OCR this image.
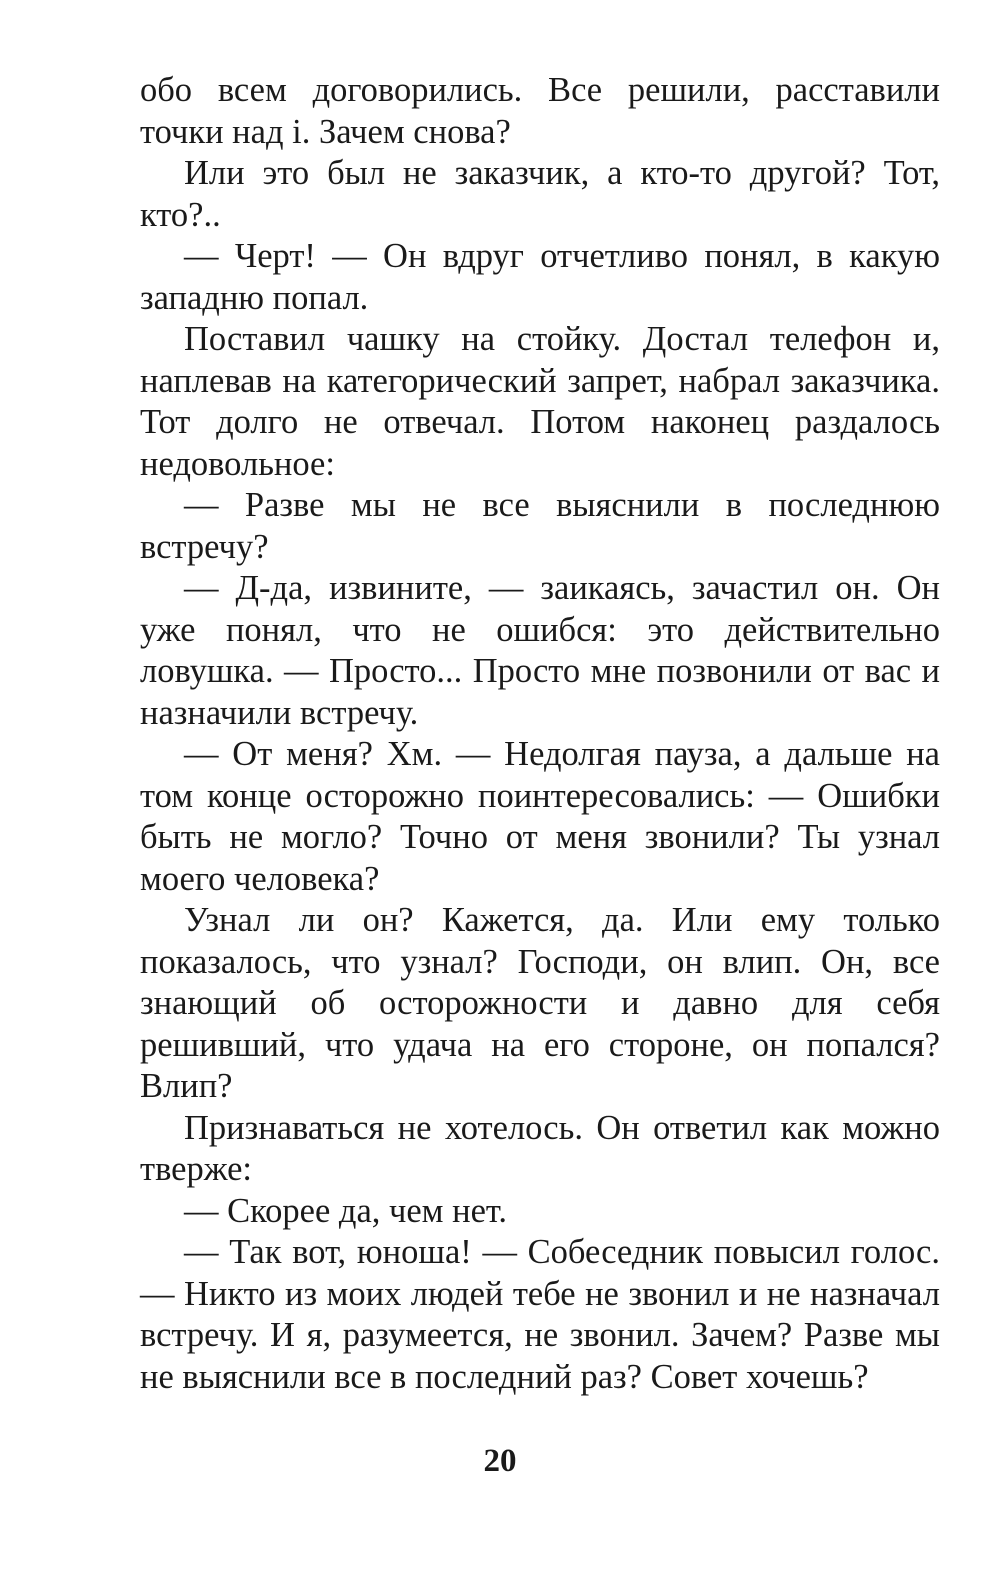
обо всем договорились. Все решили, расставили точки над i. Зачем снова?

Или это был не заказчик, а кто-то другой? Тот, кто?..

— Черт! — Он вдруг отчетливо понял, в какую западню попал.

Поставил чашку на стойку. Достал телефон и, наплевав на категорический запрет, набрал заказчика. Тот долго не отвечал. Потом наконец раздалось недовольное:

— Разве мы не все выяснили в последнюю встречу?

— Д-да, извините, — заикаясь, зачастил он. Он уже понял, что не ошибся: это действительно ловушка. — Просто... Просто мне позвонили от вас и назначили встречу.

— От меня? Хм. — Недолгая пауза, а дальше на том конце осторожно поинтересовались: — Ошибки быть не могло? Точно от меня звонили? Ты узнал моего человека?

Узнал ли он? Кажется, да. Или ему только показалось, что узнал? Господи, он влип. Он, все знающий об осторожности и давно для себя решивший, что удача на его стороне, он попался? Влип?

Признаваться не хотелось. Он ответил как можно тверже:

— Скорее да, чем нет.

— Так вот, юноша! — Собеседник повысил голос. — Никто из моих людей тебе не звонил и не назначал встречу. И я, разумеется, не звонил. Зачем? Разве мы не выяснили все в последний раз? Совет хочешь?

20
